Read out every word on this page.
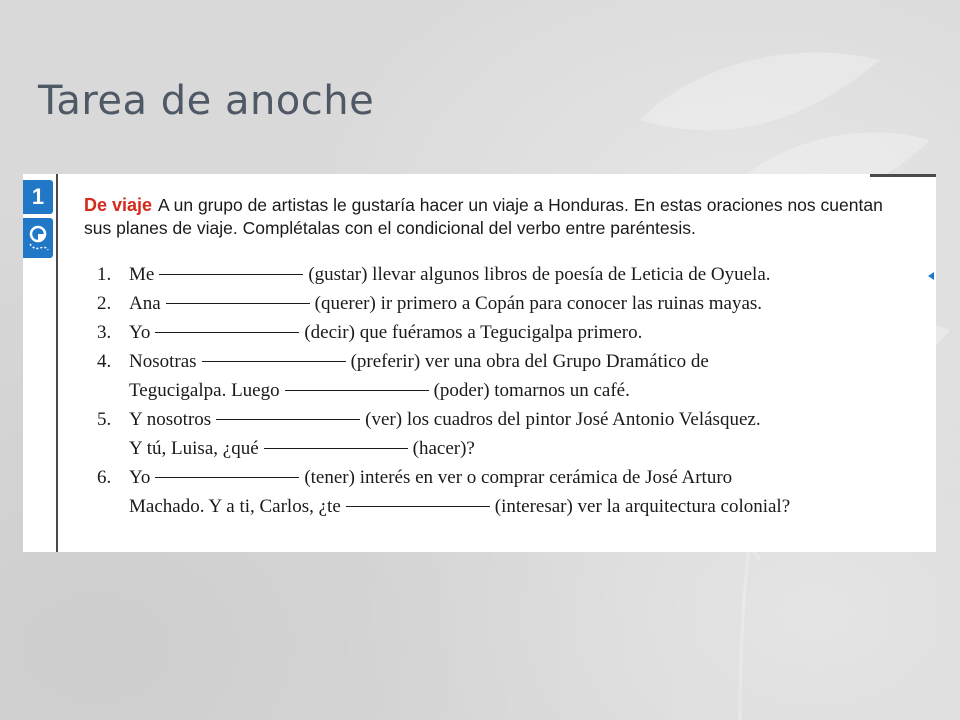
Tarea de anoche
1	De viaje A un grupo de artistas le gustaría hacer un viaje a Honduras. En estas oraciones nos cuentan sus planes de viaje. Complétalas con el condicional del verbo entre paréntesis.

1. Me	(gustar) llevar algunos libros de poesía de Leticia de Oyuela.
2. Ana	(querer) ir primero a Copán para conocer las ruinas mayas.
3. Yo	(decir) que fuéramos a Tegucigalpa primero.
4. Nosotras	(preferir) ver una obra del Grupo Dramático de
Tegucigalpa. Luego	(poder) tomarnos un café.
5. Y nosotros	(ver) los cuadros del pintor José Antonio Velásquez.
Y tú, Luisa, ¿qué	(hacer)?
6. Yo	(tener) interés en ver o comprar cerámica de José Arturo
Machado. Y a ti, Carlos, ¿te	(interesar) ver la arquitectura colonial?
